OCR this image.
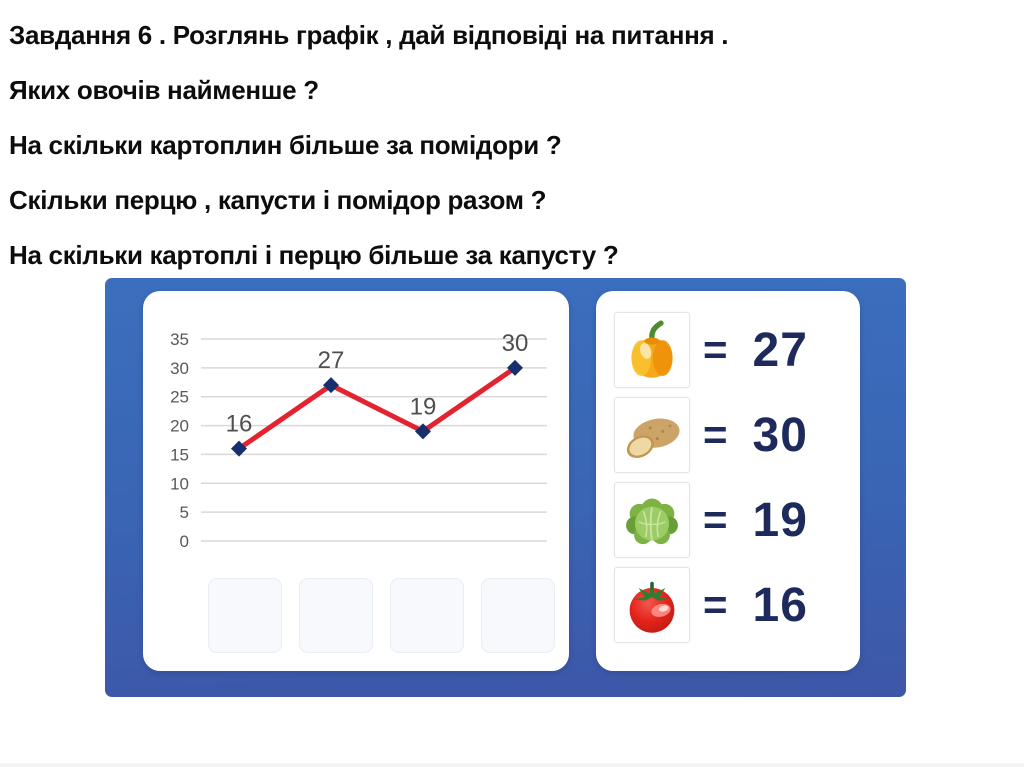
Завдання 6 . Розглянь графік , дай відповіді на питання .
Яких овочів найменше ?
На скільки картоплин більше за помідори ?
Скільки перцю , капусти і помідор разом ?
На скільки картоплі і перцю більше за капусту ?
35
30
25
20
15
10
5
0
16
27
19
30	= 27
= 30
= 19
= 16
